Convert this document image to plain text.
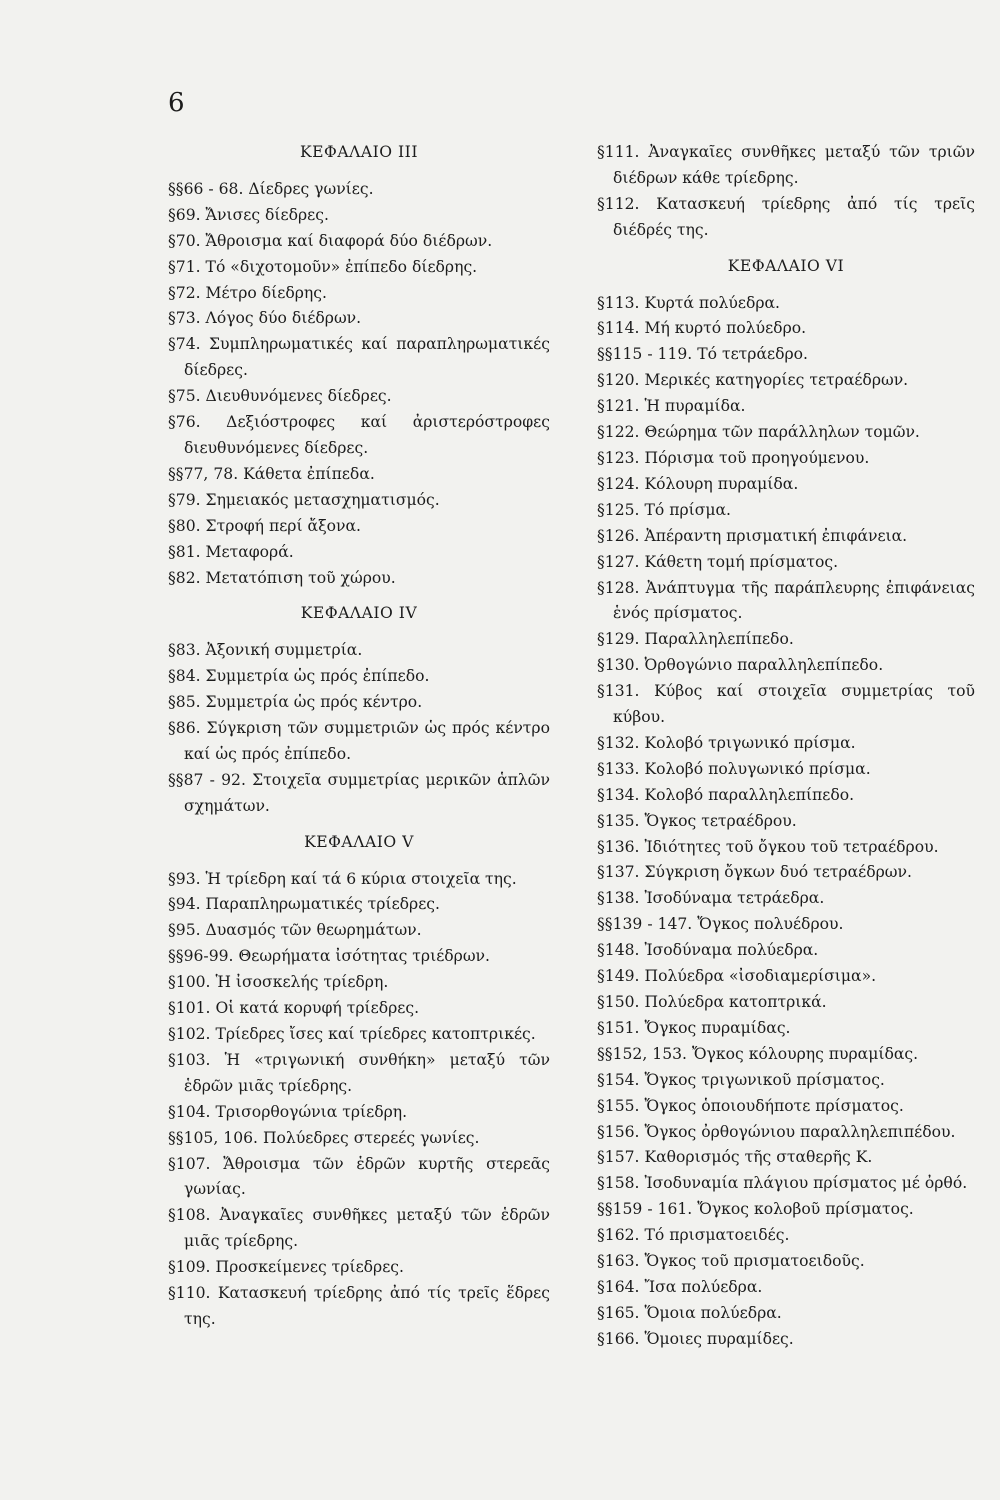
6
ΚΕΦΑΛΑΙΟ III
§§66 - 68. Δίεδρες γωνίες.
§69. Ἄνισες δίεδρες.
§70. Ἄθροισμα καί διαφορά δύο διέδρων.
§71. Τό «διχοτομοῦν» ἐπίπεδο δίεδρης.
§72. Μέτρο δίεδρης.
§73. Λόγος δύο διέδρων.
§74. Συμπληρωματικές καί παραπληρωματικές δίεδρες.
§75. Διευθυνόμενες δίεδρες.
§76. Δεξιόστροφες καί ἀριστερόστροφες διευθυνόμενες δίεδρες.
§§77, 78. Κάθετα ἐπίπεδα.
§79. Σημειακός μετασχηματισμός.
§80. Στροφή περί ἄξονα.
§81. Μεταφορά.
§82. Μετατόπιση τοῦ χώρου.
ΚΕΦΑΛΑΙΟ IV
§83. Ἀξονική συμμετρία.
§84. Συμμετρία ὡς πρός ἐπίπεδο.
§85. Συμμετρία ὡς πρός κέντρο.
§86. Σύγκριση τῶν συμμετριῶν ὡς πρός κέντρο καί ὡς πρός ἐπίπεδο.
§§87 - 92. Στοιχεῖα συμμετρίας μερικῶν ἁπλῶν σχημάτων.
ΚΕΦΑΛΑΙΟ V
§93. Ἡ τρίεδρη καί τά 6 κύρια στοιχεῖα της.
§94. Παραπληρωματικές τρίεδρες.
§95. Δυασμός τῶν θεωρημάτων.
§§96-99. Θεωρήματα ἰσότητας τριέδρων.
§100. Ἡ ἰσοσκελής τρίεδρη.
§101. Οἱ κατά κορυφή τρίεδρες.
§102. Τρίεδρες ἴσες καί τρίεδρες κατοπτρικές.
§103. Ἡ «τριγωνική συνθήκη» μεταξύ τῶν ἑδρῶν μιᾶς τρίεδρης.
§104. Τρισορθογώνια τρίεδρη.
§§105, 106. Πολύεδρες στερεές γωνίες.
§107. Ἄθροισμα τῶν ἑδρῶν κυρτῆς στερεᾶς γωνίας.
§108. Ἀναγκαῖες συνθῆκες μεταξύ τῶν ἑδρῶν μιᾶς τρίεδρης.
§109. Προσκείμενες τρίεδρες.
§110. Κατασκευή τρίεδρης ἀπό τίς τρεῖς ἕδρες της.
§111. Ἀναγκαῖες συνθῆκες μεταξύ τῶν τριῶν διέδρων κάθε τρίεδρης.
§112. Κατασκευή τρίεδρης ἀπό τίς τρεῖς διέδρές της.
ΚΕΦΑΛΑΙΟ VI
§113. Κυρτά πολύεδρα.
§114. Μή κυρτό πολύεδρο.
§§115 - 119. Τό τετράεδρο.
§120. Μερικές κατηγορίες τετραέδρων.
§121. Ἡ πυραμίδα.
§122. Θεώρημα τῶν παράλληλων τομῶν.
§123. Πόρισμα τοῦ προηγούμενου.
§124. Κόλουρη πυραμίδα.
§125. Τό πρίσμα.
§126. Ἀπέραντη πρισματική ἐπιφάνεια.
§127. Κάθετη τομή πρίσματος.
§128. Ἀνάπτυγμα τῆς παράπλευρης ἐπιφάνειας ἑνός πρίσματος.
§129. Παραλληλεπίπεδο.
§130. Ὀρθογώνιο παραλληλεπίπεδο.
§131. Κύβος καί στοιχεῖα συμμετρίας τοῦ κύβου.
§132. Κολοβό τριγωνικό πρίσμα.
§133. Κολοβό πολυγωνικό πρίσμα.
§134. Κολοβό παραλληλεπίπεδο.
§135. Ὄγκος τετραέδρου.
§136. Ἰδιότητες τοῦ ὄγκου τοῦ τετραέδρου.
§137. Σύγκριση ὄγκων δυό τετραέδρων.
§138. Ἰσοδύναμα τετράεδρα.
§§139 - 147. Ὄγκος πολυέδρου.
§148. Ἰσοδύναμα πολύεδρα.
§149. Πολύεδρα «ἰσοδιαμερίσιμα».
§150. Πολύεδρα κατοπτρικά.
§151. Ὄγκος πυραμίδας.
§§152, 153. Ὄγκος κόλουρης πυραμίδας.
§154. Ὄγκος τριγωνικοῦ πρίσματος.
§155. Ὄγκος ὁποιουδήποτε πρίσματος.
§156. Ὄγκος ὀρθογώνιου παραλληλεπιπέδου.
§157. Καθορισμός τῆς σταθερῆς Κ.
§158. Ἰσοδυναμία πλάγιου πρίσματος μέ ὀρθό.
§§159 - 161. Ὄγκος κολοβοῦ πρίσματος.
§162. Τό πρισματοειδές.
§163. Ὄγκος τοῦ πρισματοειδοῦς.
§164. Ἴσα πολύεδρα.
§165. Ὅμοια πολύεδρα.
§166. Ὅμοιες πυραμίδες.
